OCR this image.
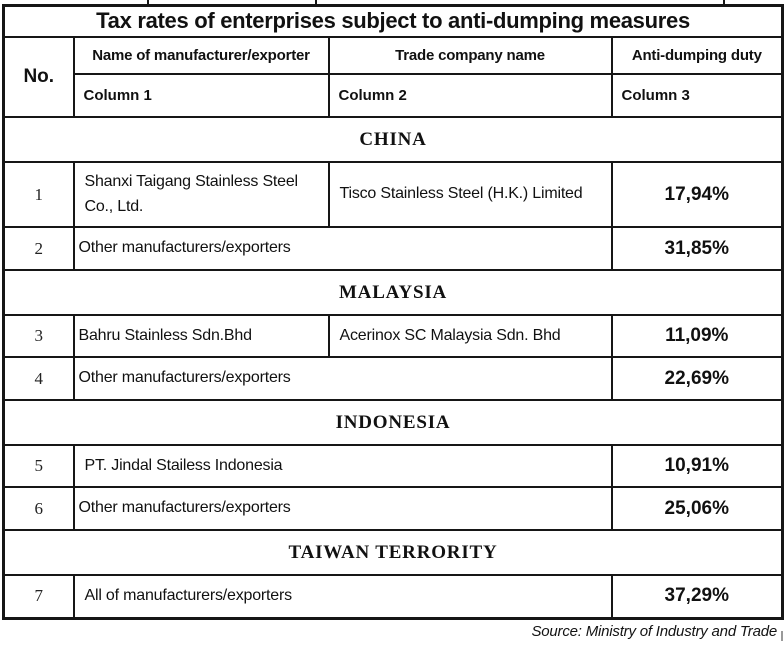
Tax rates of enterprises subject to anti-dumping measures			
No.	Name of manufacturer/exporter	Trade company name	Anti-dumping duty
	Column 1	Column 2	Column 3
CHINA			
1	Shanxi Taigang Stainless Steel Co., Ltd.	Tisco Stainless Steel (H.K.) Limited	17,94%
2	Other manufacturers/exporters		31,85%
MALAYSIA			
3	Bahru Stainless Sdn.Bhd	Acerinox SC Malaysia Sdn. Bhd	11,09%
4	Other manufacturers/exporters		22,69%
INDONESIA			
5	PT. Jindal Stailess Indonesia		10,91%
6	Other manufacturers/exporters		25,06%
TAIWAN TERRORITY			
7	All of manufacturers/exporters		37,29%
Source: Ministry of Industry and Trade
